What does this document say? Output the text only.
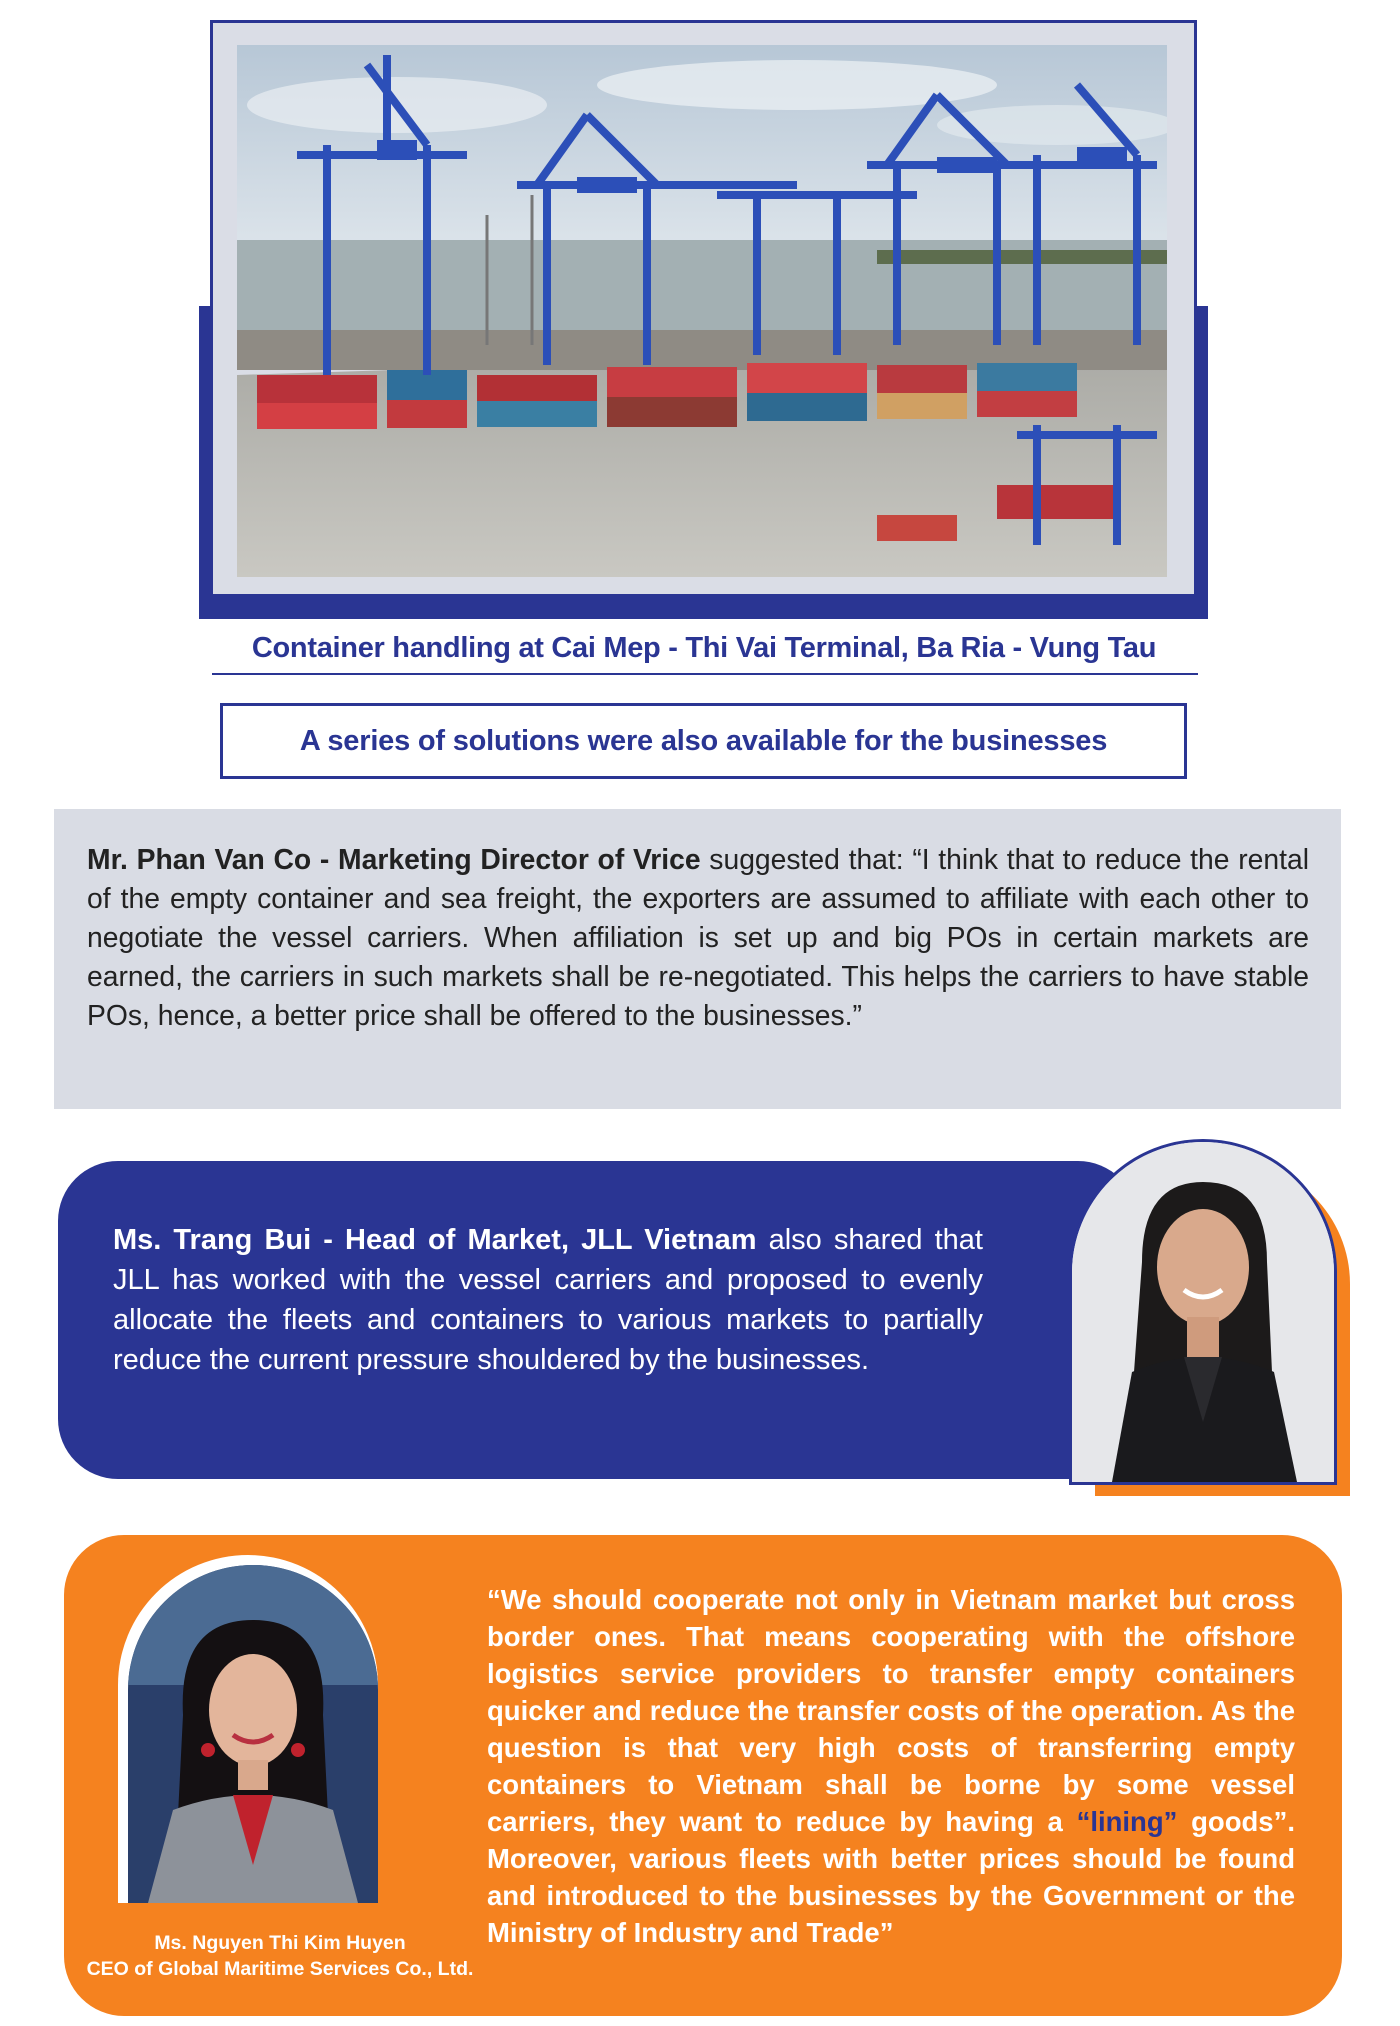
Container handling at Cai Mep - Thi Vai Terminal, Ba Ria - Vung Tau
A series of solutions were also available for the businesses
Mr. Phan Van Co - Marketing Director of Vrice suggested that: “I think that to reduce the rental of the empty container and sea freight, the exporters are assumed to affiliate with each other to negotiate the vessel carriers. When affiliation is set up and big POs in certain markets are earned, the carriers in such markets shall be re-negotiated. This helps the carriers to have stable POs, hence, a better price shall be offered to the businesses.”
Ms. Trang Bui - Head of Market, JLL Vietnam also shared that JLL has worked with the vessel carriers and proposed to evenly allocate the fleets and containers to various markets to partially reduce the current pressure shouldered by the businesses.
“We should cooperate not only in Vietnam market but cross border ones. That means cooperating with the offshore logistics service providers to transfer empty containers quicker and reduce the transfer costs of the operation. As the question is that very high costs of transferring empty containers to Vietnam shall be borne by some vessel carriers, they want to reduce by having a “lining” goods”. Moreover, various fleets with better prices should be found and introduced to the businesses by the Government or the Ministry of Industry and Trade”
Ms. Nguyen Thi Kim Huyen
CEO of Global Maritime Services Co., Ltd.
